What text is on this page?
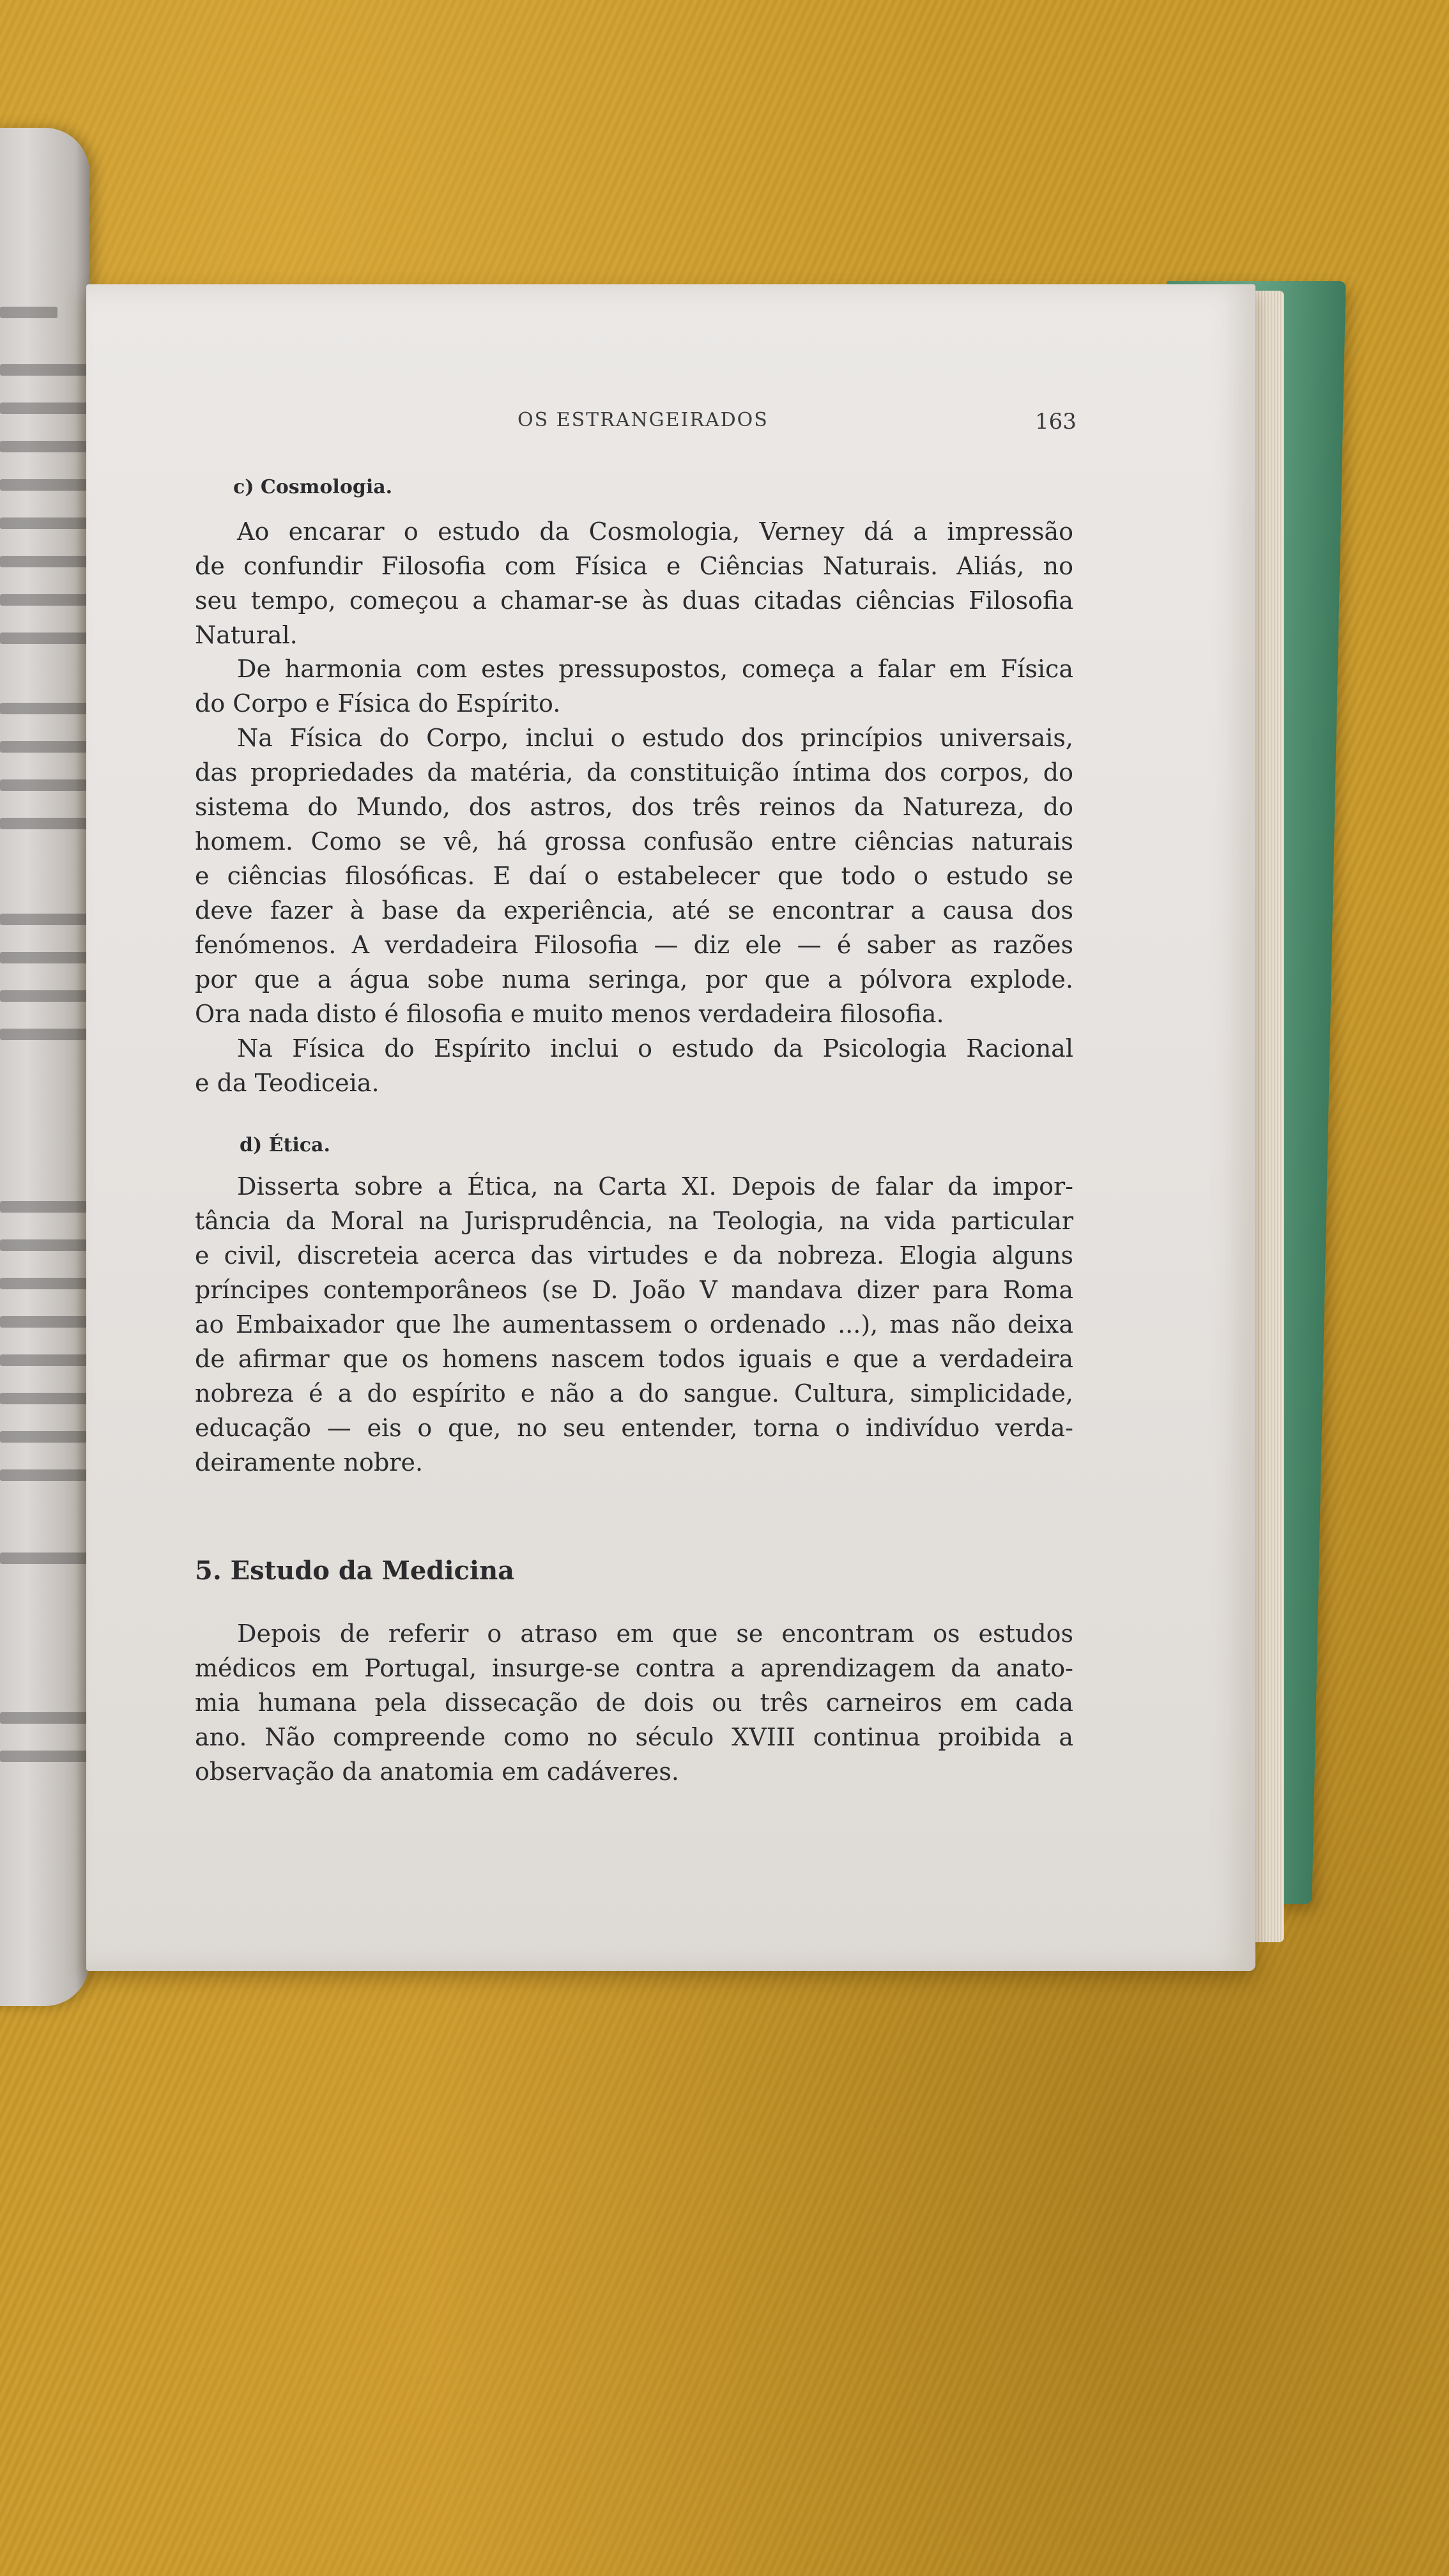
OS ESTRANGEIRADOS	163
c) Cosmologia.
Ao encarar o estudo da Cosmologia, Verney dá a impressão
de confundir Filosofia com Física e Ciências Naturais. Aliás, no
seu tempo, começou a chamar-se às duas citadas ciências Filosofia
Natural.
De harmonia com estes pressupostos, começa a falar em Física
do Corpo e Física do Espírito.
Na Física do Corpo, inclui o estudo dos princípios universais,
das propriedades da matéria, da constituição íntima dos corpos, do
sistema do Mundo, dos astros, dos três reinos da Natureza, do
homem. Como se vê, há grossa confusão entre ciências naturais
e ciências filosóficas. E daí o estabelecer que todo o estudo se
deve fazer à base da experiência, até se encontrar a causa dos
fenómenos. A verdadeira Filosofia — diz ele — é saber as razões
por que a água sobe numa seringa, por que a pólvora explode.
Ora nada disto é filosofia e muito menos verdadeira filosofia.
Na Física do Espírito inclui o estudo da Psicologia Racional
e da Teodiceia.
d) Ética.
Disserta sobre a Ética, na Carta XI. Depois de falar da impor-
tância da Moral na Jurisprudência, na Teologia, na vida particular
e civil, discreteia acerca das virtudes e da nobreza. Elogia alguns
príncipes contemporâneos (se D. João V mandava dizer para Roma
ao Embaixador que lhe aumentassem o ordenado ...), mas não deixa
de afirmar que os homens nascem todos iguais e que a verdadeira
nobreza é a do espírito e não a do sangue. Cultura, simplicidade,
educação — eis o que, no seu entender, torna o indivíduo verda-
deiramente nobre.
5. Estudo da Medicina
Depois de referir o atraso em que se encontram os estudos
médicos em Portugal, insurge-se contra a aprendizagem da anato-
mia humana pela dissecação de dois ou três carneiros em cada
ano. Não compreende como no século XVIII continua proibida a
observação da anatomia em cadáveres.
